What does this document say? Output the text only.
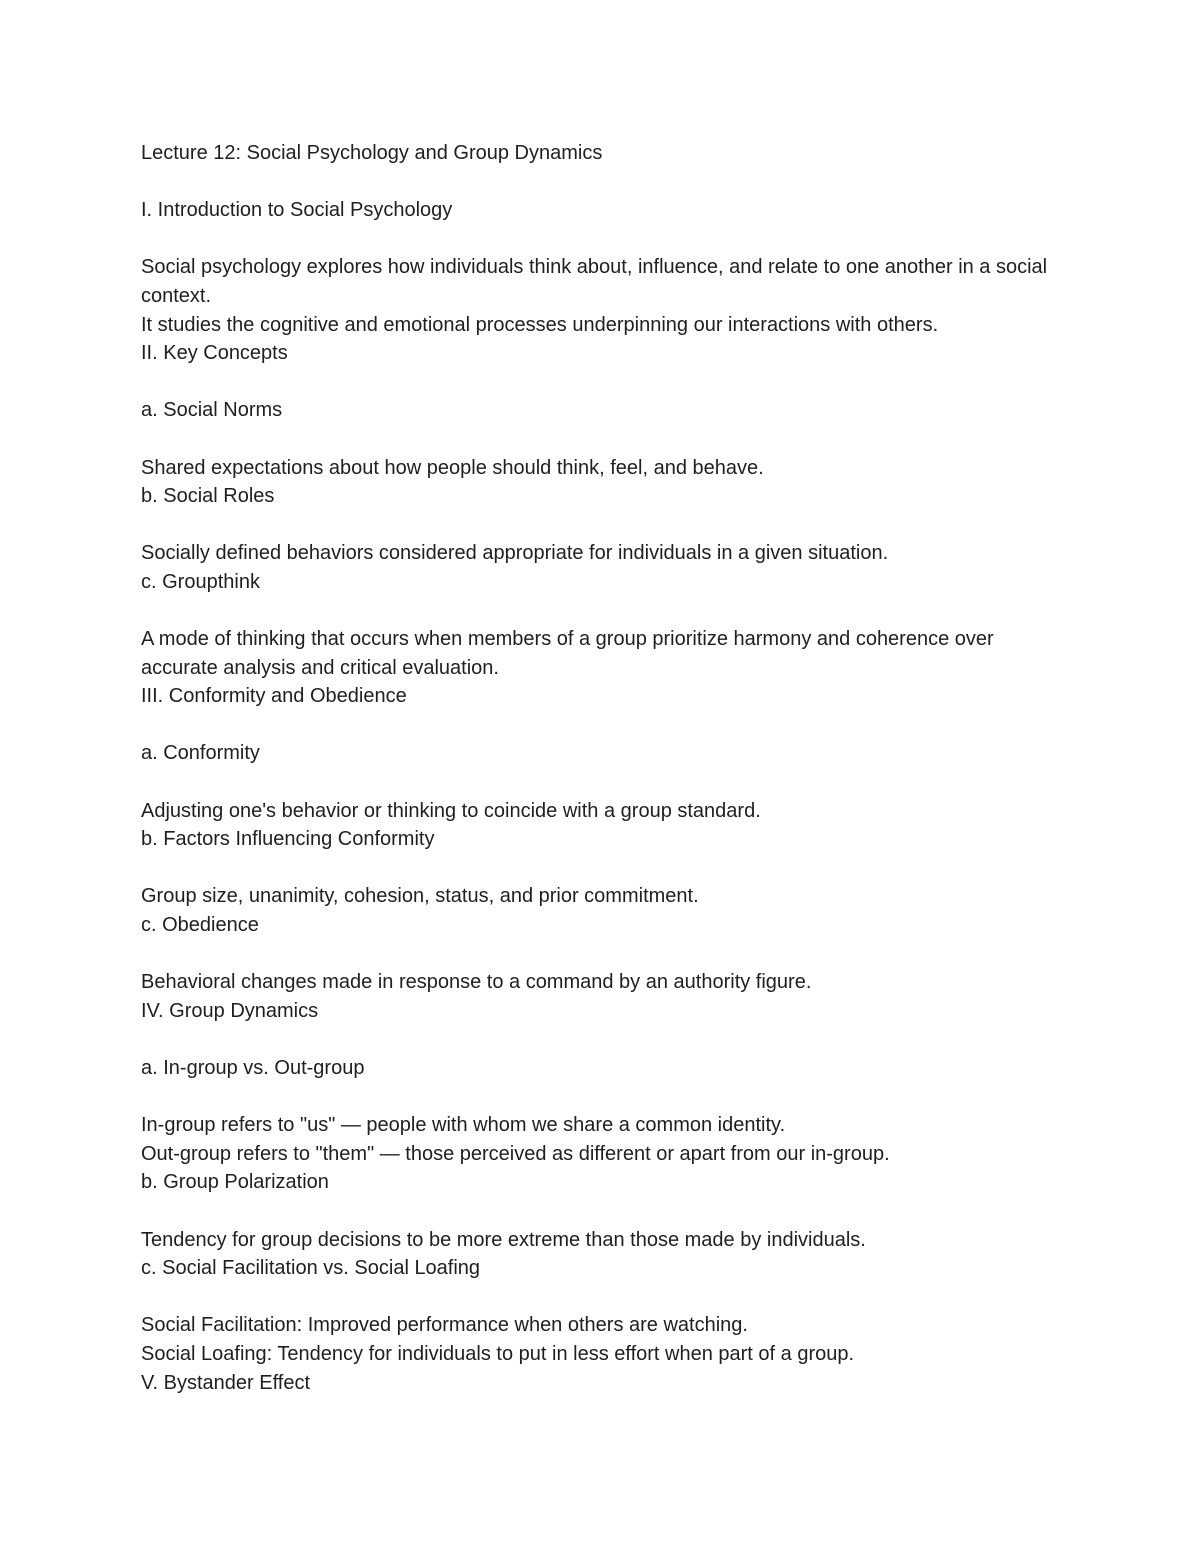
Lecture 12: Social Psychology and Group Dynamics
I. Introduction to Social Psychology
Social psychology explores how individuals think about, influence, and relate to one another in a social context.
It studies the cognitive and emotional processes underpinning our interactions with others.
II. Key Concepts
a. Social Norms
Shared expectations about how people should think, feel, and behave.
b. Social Roles
Socially defined behaviors considered appropriate for individuals in a given situation.
c. Groupthink
A mode of thinking that occurs when members of a group prioritize harmony and coherence over accurate analysis and critical evaluation.
III. Conformity and Obedience
a. Conformity
Adjusting one's behavior or thinking to coincide with a group standard.
b. Factors Influencing Conformity
Group size, unanimity, cohesion, status, and prior commitment.
c. Obedience
Behavioral changes made in response to a command by an authority figure.
IV. Group Dynamics
a. In-group vs. Out-group
In-group refers to "us" — people with whom we share a common identity.
Out-group refers to "them" — those perceived as different or apart from our in-group.
b. Group Polarization
Tendency for group decisions to be more extreme than those made by individuals.
c. Social Facilitation vs. Social Loafing
Social Facilitation: Improved performance when others are watching.
Social Loafing: Tendency for individuals to put in less effort when part of a group.
V. Bystander Effect
